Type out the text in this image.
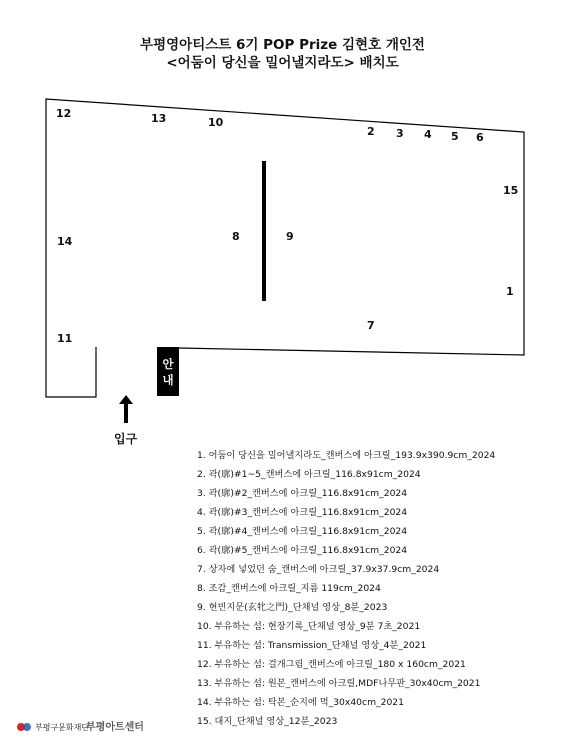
부평영아티스트 6기 POP Prize 김현호 개인전
<어둠이 당신을 밀어낼지라도> 배치도
12	13	10
2 3 4 5 6
15
14	8	9
1
7
11
안
내
입구
1. 어둠이 당신을 밀어낼지라도_캔버스에 아크릴_193.9x390.9cm_2024
2. 곽(廓)#1~5_캔버스에 아크릴_116.8x91cm_2024
3. 곽(廓)#2_캔버스에 아크릴_116.8x91cm_2024
4. 곽(廓)#3_캔버스에 아크릴_116.8x91cm_2024
5. 곽(廓)#4_캔버스에 아크릴_116.8x91cm_2024
6. 곽(廓)#5_캔버스에 아크릴_116.8x91cm_2024
7. 상자에 넣었던 숨_캔버스에 아크릴_37.9x37.9cm_2024
8. 조감_캔버스에 아크릴_지름 119cm_2024
9. 현빈지문(玄牝之門)_단채널 영상_8분_2023
10. 부유하는 섬: 현장기록_단채널 영상_9분 7초_2021
11. 부유하는 섬: Transmission_단채널 영상_4분_2021
12. 부유하는 섬: 걸개그림_캔버스에 아크릴_180 x 160cm_2021
13. 부유하는 섬: 원본_캔버스에 아크릴,MDF나무판_30x40cm_2021
14. 부유하는 섬: 탁본_순지에 먹_30x40cm_2021
15. 대지_단채널 영상_12분_2023
부평구문화재단
부평아트센터
